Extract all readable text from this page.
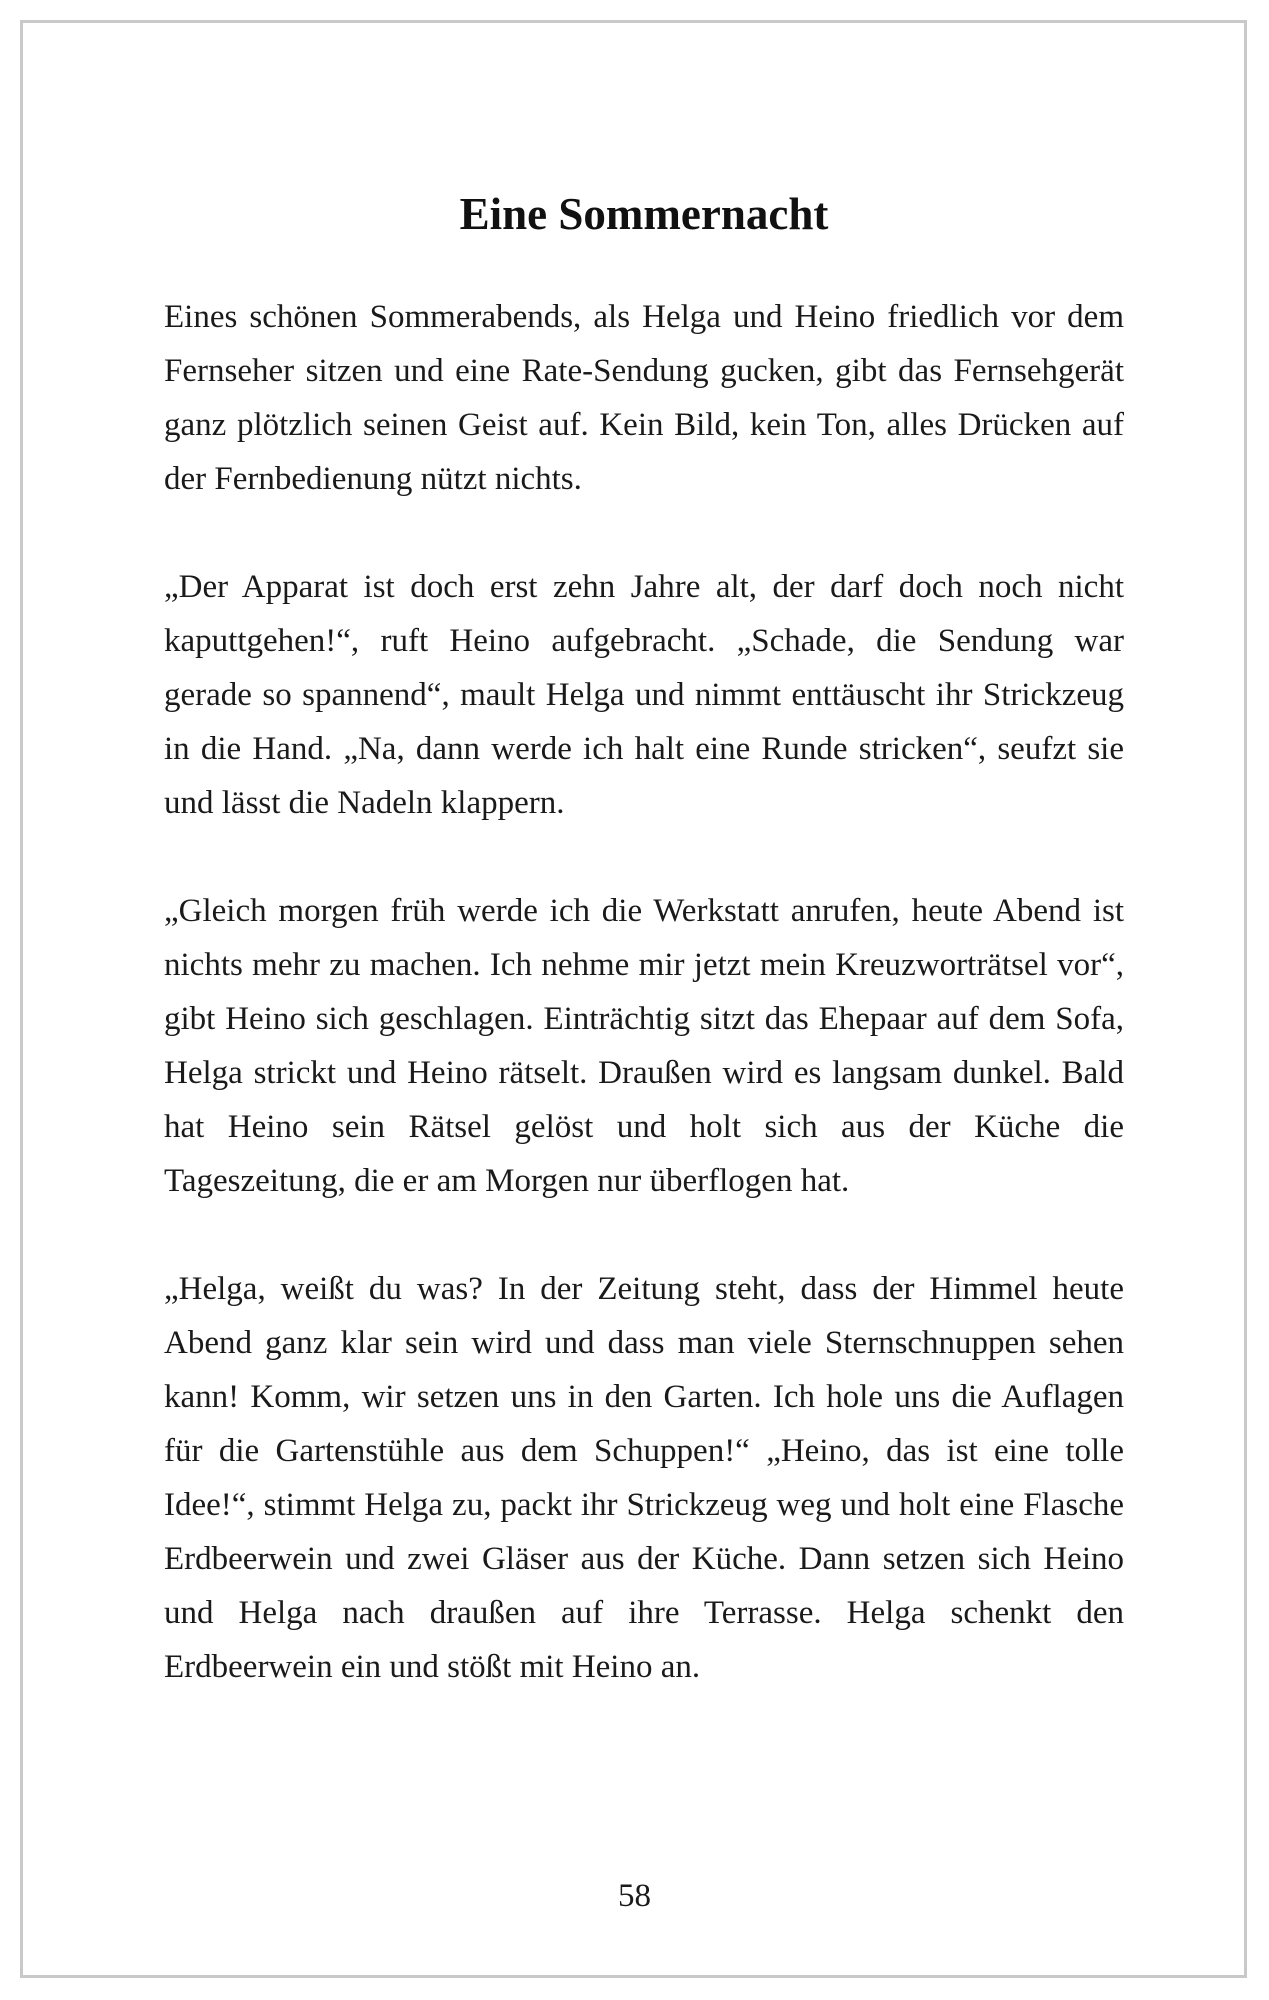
Eine Sommernacht

Eines schönen Sommerabends, als Helga und Heino friedlich vor dem Fernseher sitzen und eine Rate-Sendung gucken, gibt das Fernsehgerät ganz plötzlich seinen Geist auf. Kein Bild, kein Ton, alles Drücken auf der Fernbedienung nützt nichts.

„Der Apparat ist doch erst zehn Jahre alt, der darf doch noch nicht kaputtgehen!“, ruft Heino aufgebracht. „Schade, die Sendung war gerade so spannend“, mault Helga und nimmt enttäuscht ihr Strickzeug in die Hand. „Na, dann werde ich halt eine Runde stricken“, seufzt sie und lässt die Nadeln klappern.

„Gleich morgen früh werde ich die Werkstatt anrufen, heute Abend ist nichts mehr zu machen. Ich nehme mir jetzt mein Kreuzworträtsel vor“, gibt Heino sich geschlagen. Einträchtig sitzt das Ehepaar auf dem Sofa, Helga strickt und Heino rätselt. Draußen wird es langsam dunkel. Bald hat Heino sein Rätsel gelöst und holt sich aus der Küche die Tageszeitung, die er am Morgen nur überflogen hat.

„Helga, weißt du was? In der Zeitung steht, dass der Himmel heute Abend ganz klar sein wird und dass man viele Sternschnuppen sehen kann! Komm, wir setzen uns in den Garten. Ich hole uns die Auflagen für die Gartenstühle aus dem Schuppen!“ „Heino, das ist eine tolle Idee!“, stimmt Helga zu, packt ihr Strickzeug weg und holt eine Flasche Erdbeerwein und zwei Gläser aus der Küche. Dann setzen sich Heino und Helga nach draußen auf ihre Terrasse. Helga schenkt den Erdbeerwein ein und stößt mit Heino an.

58
